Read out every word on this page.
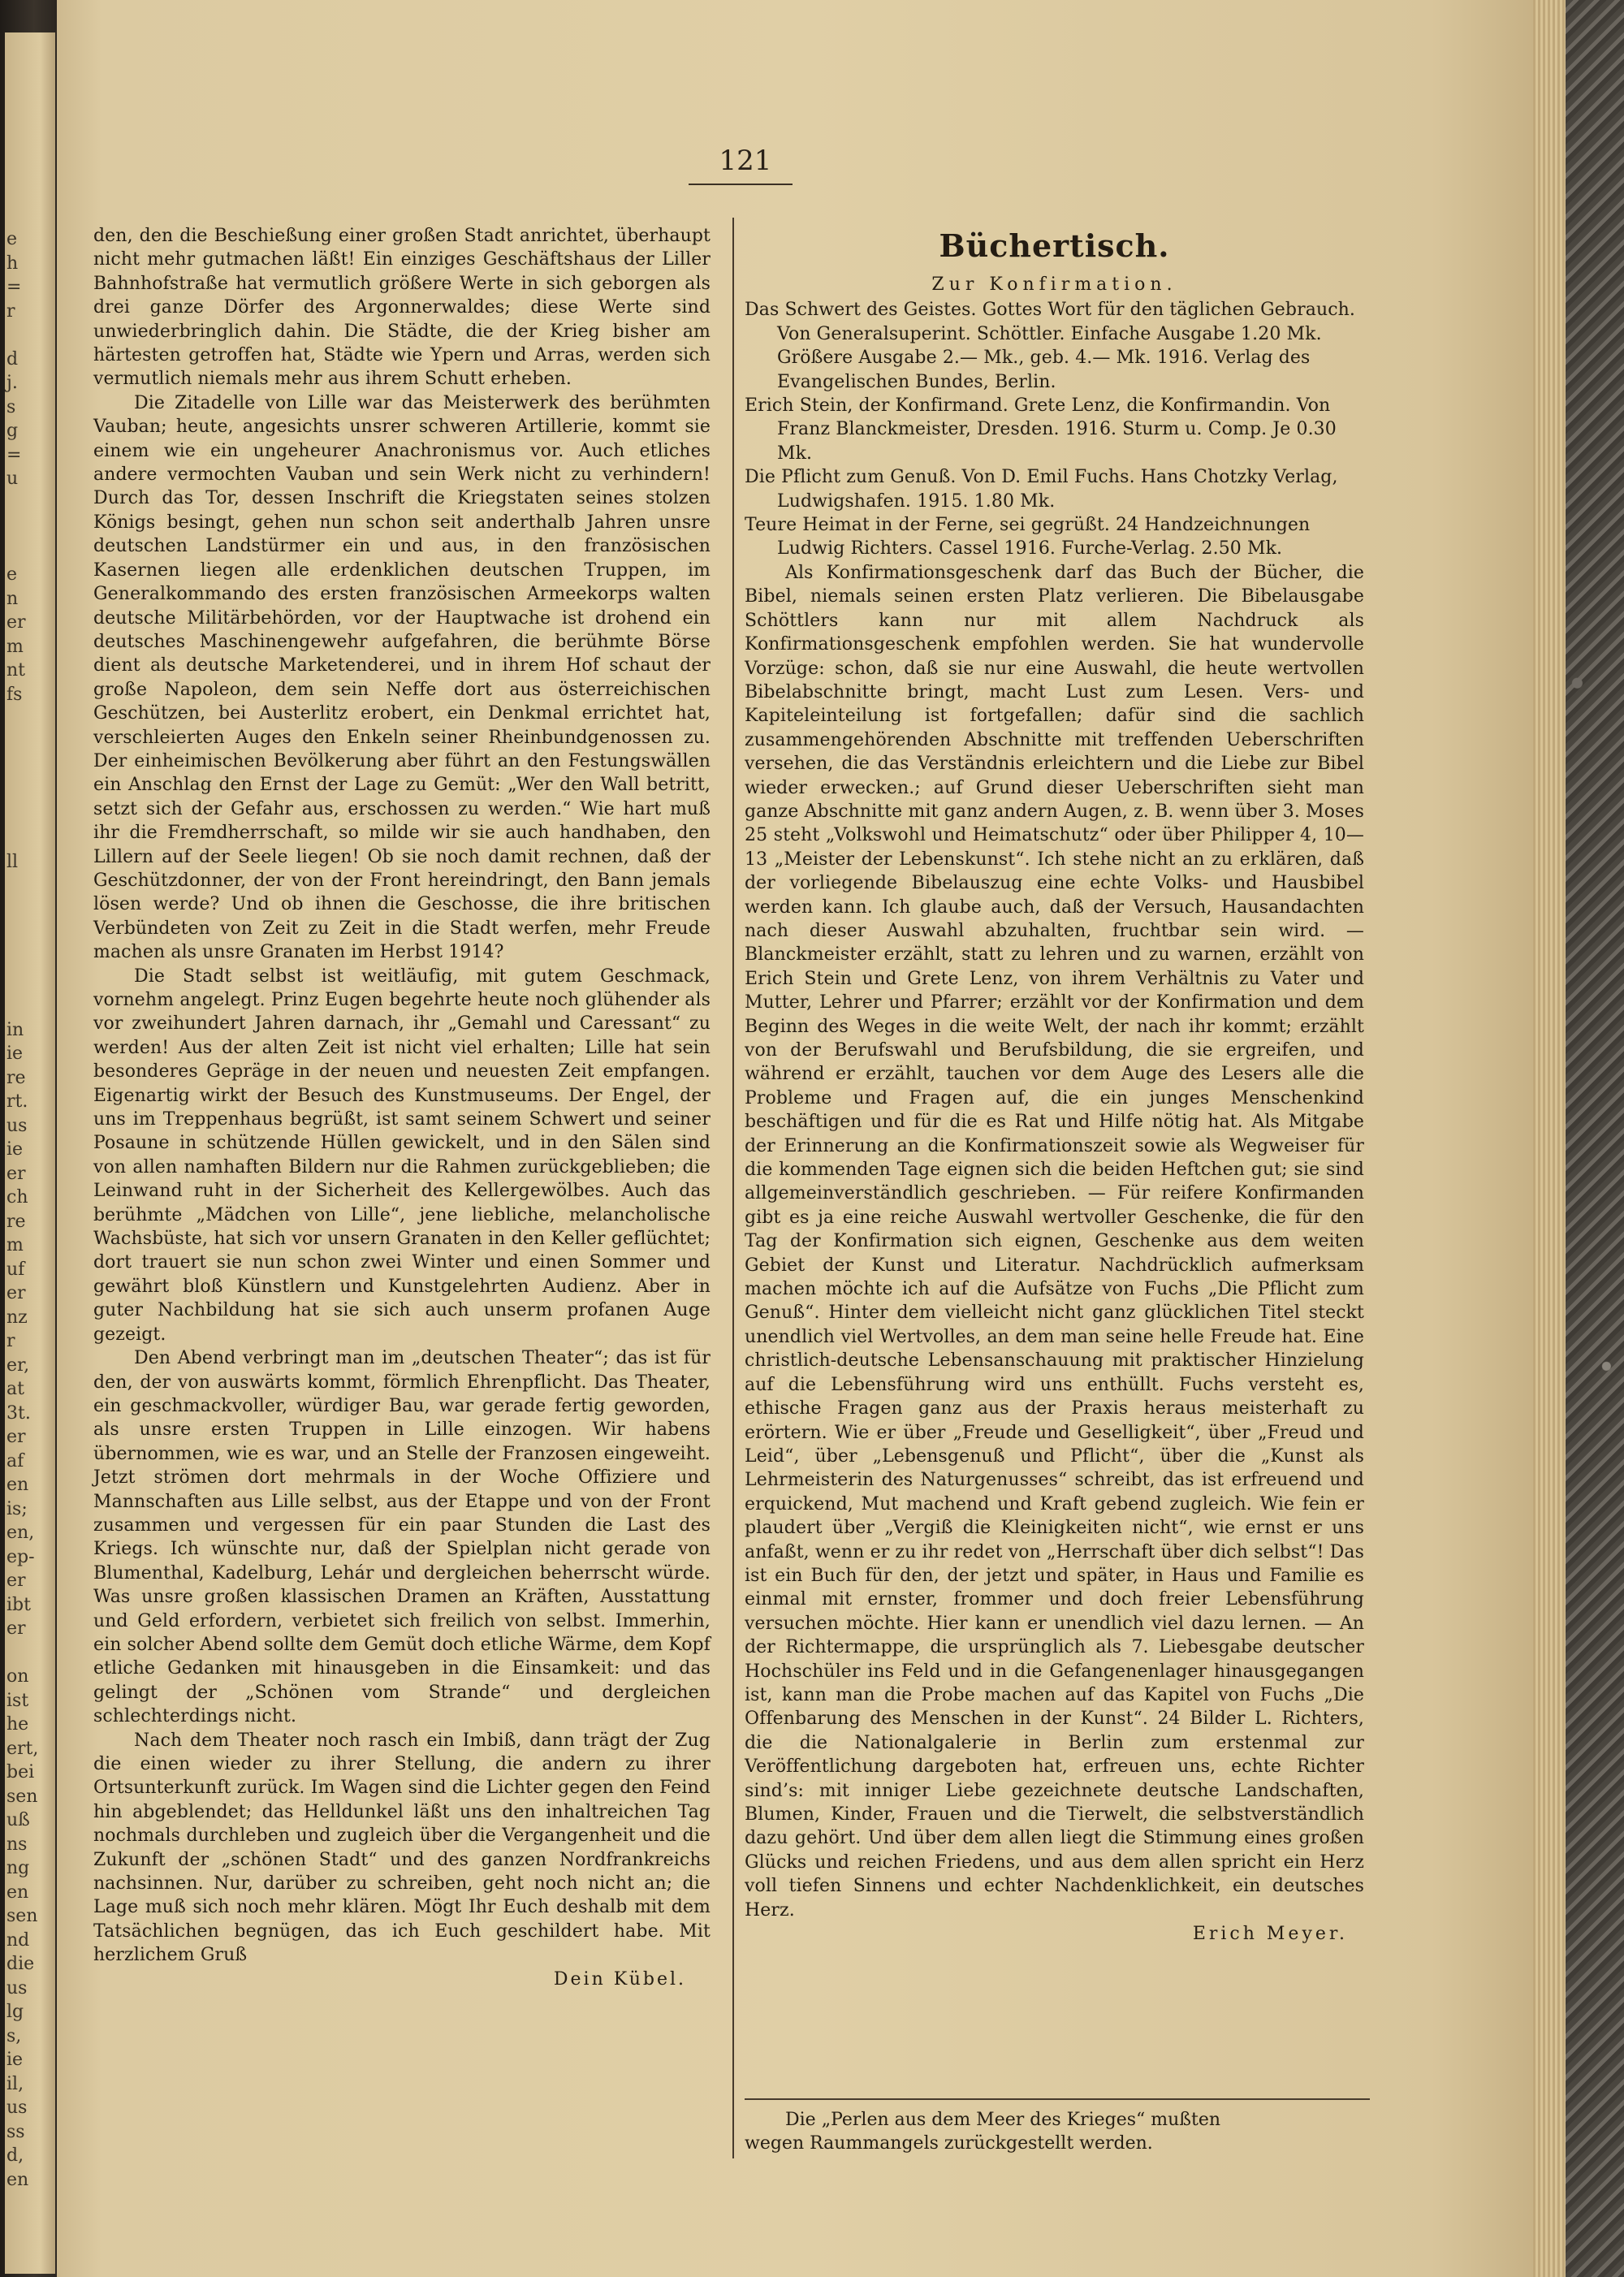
e
h
=
r

d
j.
s
g
=
u

e
n
er
m
nt
fs

ll

in
ie
re
rt.
us
ie
er
ch
re
m
uf
er
nz
r
er,
at
3t.
er
af
en
is;
en,
ep-
er
ibt
er

on
ist
he
ert,
bei
sen
uß
ns
ng
en
sen
nd
die
us
lg
s,
ie
il,
us
ss
d,
en
121

den, den die Beschießung einer großen Stadt anrichtet, überhaupt nicht mehr gutmachen läßt! Ein einziges Geschäftshaus der Liller Bahnhofstraße hat vermutlich größere Werte in sich geborgen als drei ganze Dörfer des Argonnerwaldes; diese Werte sind unwiederbringlich dahin. Die Städte, die der Krieg bisher am härtesten getroffen hat, Städte wie Ypern und Arras, werden sich vermutlich niemals mehr aus ihrem Schutt erheben.

Die Zitadelle von Lille war das Meisterwerk des berühmten Vauban; heute, angesichts unsrer schweren Artillerie, kommt sie einem wie ein ungeheurer Anachronismus vor. Auch etliches andere vermochten Vauban und sein Werk nicht zu verhindern! Durch das Tor, dessen Inschrift die Kriegstaten seines stolzen Königs besingt, gehen nun schon seit anderthalb Jahren unsre deutschen Landstürmer ein und aus, in den französischen Kasernen liegen alle erdenklichen deutschen Truppen, im Generalkommando des ersten französischen Armeekorps walten deutsche Militärbehörden, vor der Hauptwache ist drohend ein deutsches Maschinengewehr aufgefahren, die berühmte Börse dient als deutsche Marketenderei, und in ihrem Hof schaut der große Napoleon, dem sein Neffe dort aus österreichischen Geschützen, bei Austerlitz erobert, ein Denkmal errichtet hat, verschleierten Auges den Enkeln seiner Rheinbundgenossen zu. Der einheimischen Bevölkerung aber führt an den Festungswällen ein Anschlag den Ernst der Lage zu Gemüt: „Wer den Wall betritt, setzt sich der Gefahr aus, erschossen zu werden.“ Wie hart muß ihr die Fremdherrschaft, so milde wir sie auch handhaben, den Lillern auf der Seele liegen! Ob sie noch damit rechnen, daß der Geschützdonner, der von der Front hereindringt, den Bann jemals lösen werde? Und ob ihnen die Geschosse, die ihre britischen Verbündeten von Zeit zu Zeit in die Stadt werfen, mehr Freude machen als unsre Granaten im Herbst 1914?

Die Stadt selbst ist weitläufig, mit gutem Geschmack, vornehm angelegt. Prinz Eugen begehrte heute noch glühender als vor zweihundert Jahren darnach, ihr „Gemahl und Caressant“ zu werden! Aus der alten Zeit ist nicht viel erhalten; Lille hat sein besonderes Gepräge in der neuen und neuesten Zeit empfangen. Eigenartig wirkt der Besuch des Kunstmuseums. Der Engel, der uns im Treppenhaus begrüßt, ist samt seinem Schwert und seiner Posaune in schützende Hüllen gewickelt, und in den Sälen sind von allen namhaften Bildern nur die Rahmen zurückgeblieben; die Leinwand ruht in der Sicherheit des Kellergewölbes. Auch das berühmte „Mädchen von Lille“, jene liebliche, melancholische Wachsbüste, hat sich vor unsern Granaten in den Keller geflüchtet; dort trauert sie nun schon zwei Winter und einen Sommer und gewährt bloß Künstlern und Kunstgelehrten Audienz. Aber in guter Nachbildung hat sie sich auch unserm profanen Auge gezeigt.

Den Abend verbringt man im „deutschen Theater“; das ist für den, der von auswärts kommt, förmlich Ehrenpflicht. Das Theater, ein geschmackvoller, würdiger Bau, war gerade fertig geworden, als unsre ersten Truppen in Lille einzogen. Wir habens übernommen, wie es war, und an Stelle der Franzosen eingeweiht. Jetzt strömen dort mehrmals in der Woche Offiziere und Mannschaften aus Lille selbst, aus der Etappe und von der Front zusammen und vergessen für ein paar Stunden die Last des Kriegs. Ich wünschte nur, daß der Spielplan nicht gerade von Blumenthal, Kadelburg, Lehár und dergleichen beherrscht würde. Was unsre großen klassischen Dramen an Kräften, Ausstattung und Geld erfordern, verbietet sich freilich von selbst. Immerhin, ein solcher Abend sollte dem Gemüt doch etliche Wärme, dem Kopf etliche Gedanken mit hinausgeben in die Einsamkeit: und das gelingt der „Schönen vom Strande“ und dergleichen schlechterdings nicht.

Nach dem Theater noch rasch ein Imbiß, dann trägt der Zug die einen wieder zu ihrer Stellung, die andern zu ihrer Ortsunterkunft zurück. Im Wagen sind die Lichter gegen den Feind hin abgeblendet; das Helldunkel läßt uns den inhaltreichen Tag nochmals durchleben und zugleich über die Vergangenheit und die Zukunft der „schönen Stadt“ und des ganzen Nordfrankreichs nachsinnen. Nur, darüber zu schreiben, geht noch nicht an; die Lage muß sich noch mehr klären. Mögt Ihr Euch deshalb mit dem Tatsächlichen begnügen, das ich Euch geschildert habe. Mit herzlichem Gruß

Dein Kübel.

Büchertisch.
Zur Konfirmation.

Das Schwert des Geistes. Gottes Wort für den täglichen Gebrauch. Von Generalsuperint. Schöttler. Einfache Ausgabe 1.20 Mk. Größere Ausgabe 2.— Mk., geb. 4.— Mk. 1916. Verlag des Evangelischen Bundes, Berlin.

Erich Stein, der Konfirmand. Grete Lenz, die Konfirmandin. Von Franz Blanckmeister, Dresden. 1916. Sturm u. Comp. Je 0.30 Mk.

Die Pflicht zum Genuß. Von D. Emil Fuchs. Hans Chotzky Verlag, Ludwigshafen. 1915. 1.80 Mk.

Teure Heimat in der Ferne, sei gegrüßt. 24 Handzeichnungen Ludwig Richters. Cassel 1916. Furche-Verlag. 2.50 Mk.

Als Konfirmationsgeschenk darf das Buch der Bücher, die Bibel, niemals seinen ersten Platz verlieren. Die Bibelausgabe Schöttlers kann nur mit allem Nachdruck als Konfirmationsgeschenk empfohlen werden. Sie hat wundervolle Vorzüge: schon, daß sie nur eine Auswahl, die heute wertvollen Bibelabschnitte bringt, macht Lust zum Lesen. Vers- und Kapiteleinteilung ist fortgefallen; dafür sind die sachlich zusammengehörenden Abschnitte mit treffenden Ueberschriften versehen, die das Verständnis erleichtern und die Liebe zur Bibel wieder erwecken.; auf Grund dieser Ueberschriften sieht man ganze Abschnitte mit ganz andern Augen, z. B. wenn über 3. Moses 25 steht „Volkswohl und Heimatschutz“ oder über Philipper 4, 10—13 „Meister der Lebenskunst“. Ich stehe nicht an zu erklären, daß der vorliegende Bibelauszug eine echte Volks- und Hausbibel werden kann. Ich glaube auch, daß der Versuch, Hausandachten nach dieser Auswahl abzuhalten, fruchtbar sein wird. — Blanckmeister erzählt, statt zu lehren und zu warnen, erzählt von Erich Stein und Grete Lenz, von ihrem Verhältnis zu Vater und Mutter, Lehrer und Pfarrer; erzählt vor der Konfirmation und dem Beginn des Weges in die weite Welt, der nach ihr kommt; erzählt von der Berufswahl und Berufsbildung, die sie ergreifen, und während er erzählt, tauchen vor dem Auge des Lesers alle die Probleme und Fragen auf, die ein junges Menschenkind beschäftigen und für die es Rat und Hilfe nötig hat. Als Mitgabe der Erinnerung an die Konfirmationszeit sowie als Wegweiser für die kommenden Tage eignen sich die beiden Heftchen gut; sie sind allgemeinverständlich geschrieben. — Für reifere Konfirmanden gibt es ja eine reiche Auswahl wertvoller Geschenke, die für den Tag der Konfirmation sich eignen, Geschenke aus dem weiten Gebiet der Kunst und Literatur. Nachdrücklich aufmerksam machen möchte ich auf die Aufsätze von Fuchs „Die Pflicht zum Genuß“. Hinter dem vielleicht nicht ganz glücklichen Titel steckt unendlich viel Wertvolles, an dem man seine helle Freude hat. Eine christlich-deutsche Lebensanschauung mit praktischer Hinzielung auf die Lebensführung wird uns enthüllt. Fuchs versteht es, ethische Fragen ganz aus der Praxis heraus meisterhaft zu erörtern. Wie er über „Freude und Geselligkeit“, über „Freud und Leid“, über „Lebensgenuß und Pflicht“, über die „Kunst als Lehrmeisterin des Naturgenusses“ schreibt, das ist erfreuend und erquickend, Mut machend und Kraft gebend zugleich. Wie fein er plaudert über „Vergiß die Kleinigkeiten nicht“, wie ernst er uns anfaßt, wenn er zu ihr redet von „Herrschaft über dich selbst“! Das ist ein Buch für den, der jetzt und später, in Haus und Familie es einmal mit ernster, frommer und doch freier Lebensführung versuchen möchte. Hier kann er unendlich viel dazu lernen. — An der Richtermappe, die ursprünglich als 7. Liebesgabe deutscher Hochschüler ins Feld und in die Gefangenenlager hinausgegangen ist, kann man die Probe machen auf das Kapitel von Fuchs „Die Offenbarung des Menschen in der Kunst“. 24 Bilder L. Richters, die die Nationalgalerie in Berlin zum erstenmal zur Veröffentlichung dargeboten hat, erfreuen uns, echte Richter sind’s: mit inniger Liebe gezeichnete deutsche Landschaften, Blumen, Kinder, Frauen und die Tierwelt, die selbstverständlich dazu gehört. Und über dem allen liegt die Stimmung eines großen Glücks und reichen Friedens, und aus dem allen spricht ein Herz voll tiefen Sinnens und echter Nachdenklichkeit, ein deutsches Herz.

Erich Meyer.

Die „Perlen aus dem Meer des Krieges“ mußten
wegen Raummangels zurückgestellt werden.
